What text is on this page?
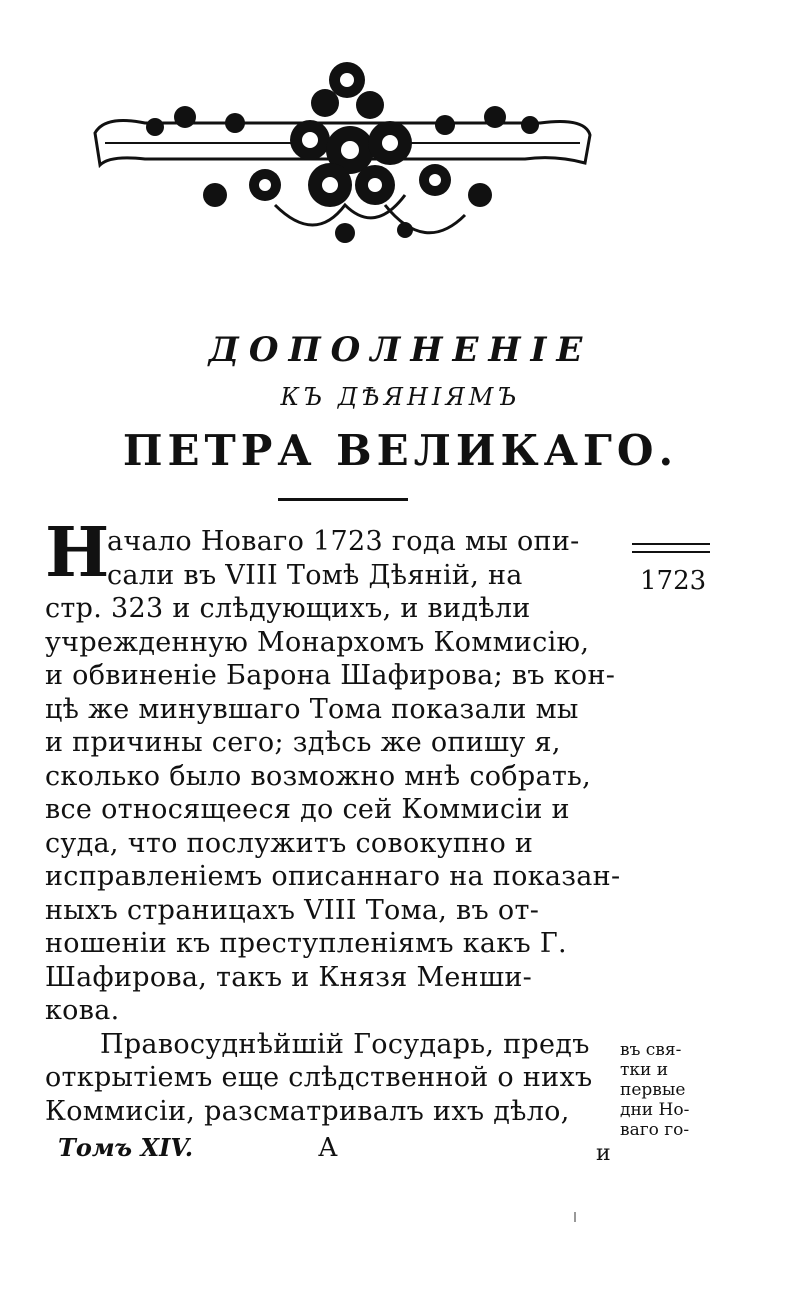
ДОПОЛНЕНІЕ
КЪ ДѢЯНІЯМЪ
ПЕТРА ВЕЛИКАГО.
Н
ачало Новаго 1723 года мы опи-
сали въ VIII Томѣ Дѣяній, на
стр. 323 и слѣдующихъ, и видѣли
учрежденную Монархомъ Коммисію,
и обвиненіе Барона Шафирова; въ кон-
цѣ же минувшаго Тома показали мы
и причины сего; здѣсь же опишу я,
сколько было возможно мнѣ собрать,
все относящееся до сей Коммисіи и
суда, что послужитъ совокупно и
исправленіемъ описаннаго на показан-
ныхъ страницахъ VIII Тома, въ от-
ношеніи къ преступленіямъ какъ Г.
Шафирова, такъ и Князя Менши-
кова.
Правосуднѣйшій Государь, предъ
открытіемъ еще слѣдственной о нихъ
Коммисіи, разсматривалъ ихъ дѣло,
1723
въ свя-
тки и
первые
дни Но-
ваго го-
Томъ XIV.	А	и
